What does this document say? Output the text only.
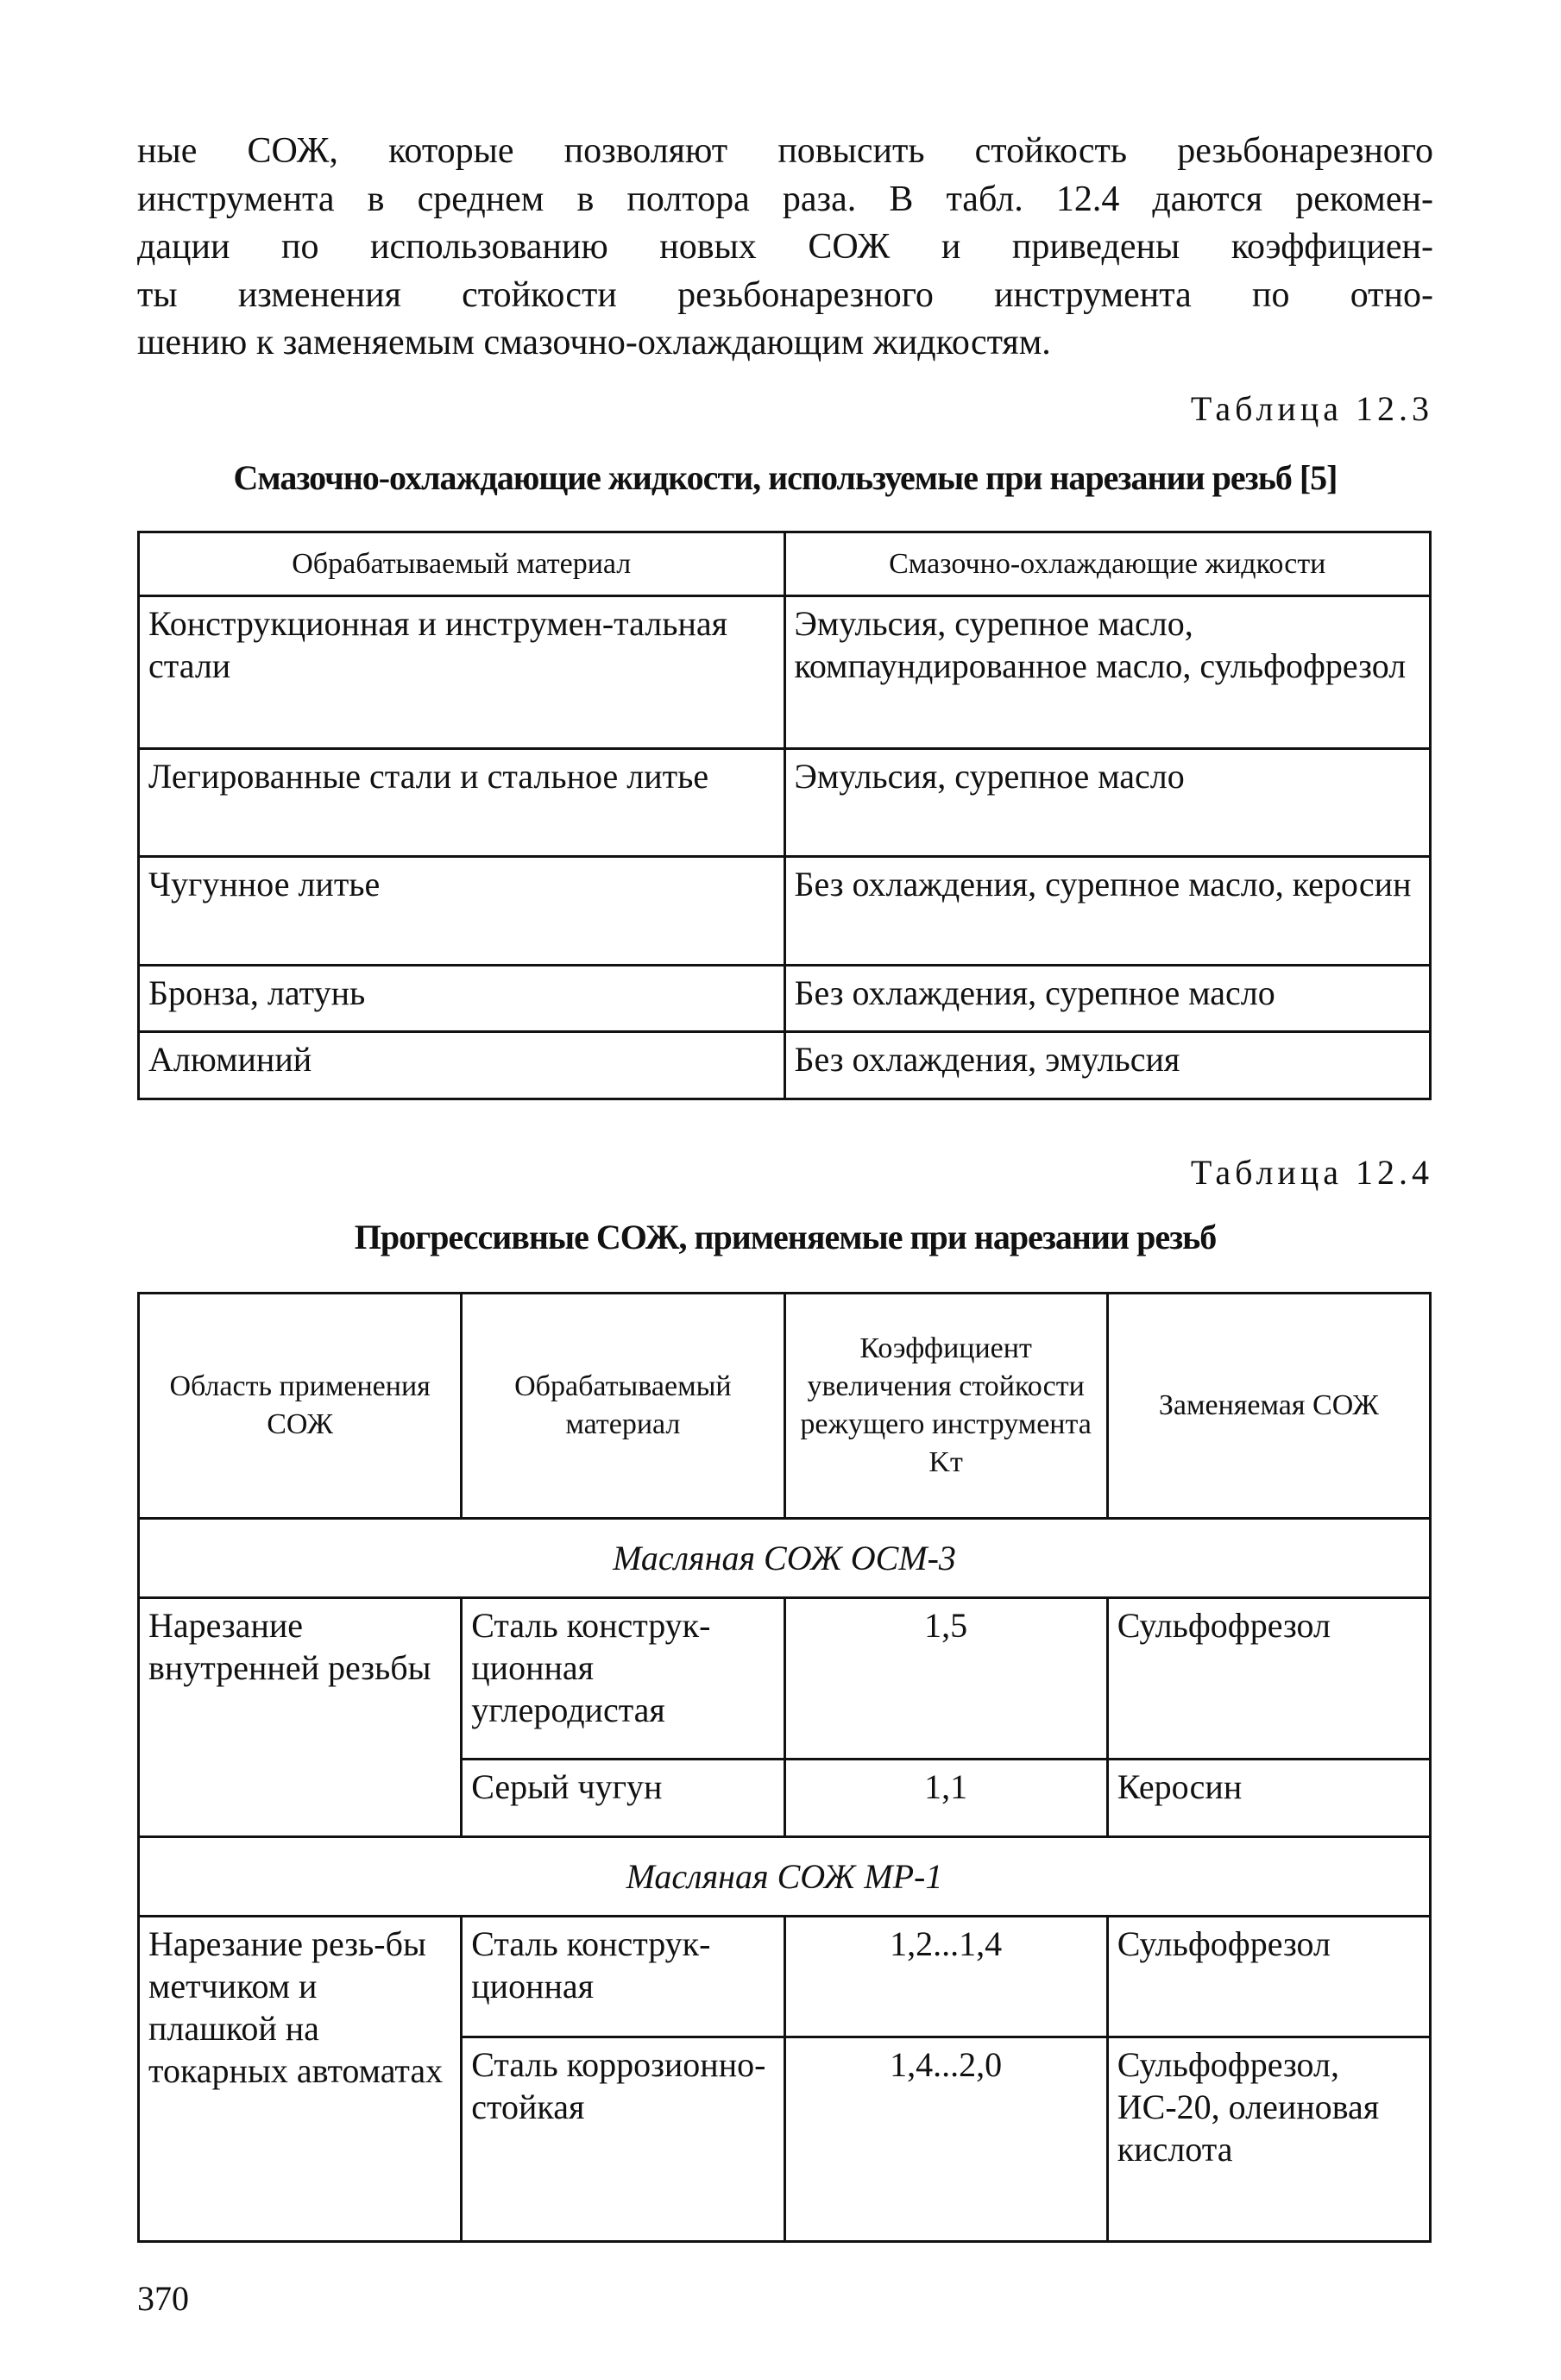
ные СОЖ, которые позволяют повысить стойкость резьбонарезного
инструмента в среднем в полтора раза. В табл. 12.4 даются рекомен-
дации по использованию новых СОЖ и приведены коэффициен-
ты изменения стойкости резьбонарезного инструмента по отно-
шению к заменяемым смазочно-охлаждающим жидкостям.
Таблица 12.3
Смазочно-охлаждающие жидкости, используемые при нарезании резьб [5]
Обрабатываемый материал	Смазочно-охлаждающие жидкости
Конструкционная и инструмен-тальная стали	Эмульсия, сурепное масло, компаундированное масло, сульфофрезол
Легированные стали и стальное литье	Эмульсия, сурепное масло
Чугунное литье	Без охлаждения, сурепное масло, керосин
Бронза, латунь	Без охлаждения, сурепное масло
Алюминий	Без охлаждения, эмульсия
Таблица 12.4
Прогрессивные СОЖ, применяемые при нарезании резьб
Область применения СОЖ	Обрабатываемый материал	Коэффициент увеличения стойкости режущего инструмента Kт	Заменяемая СОЖ
Масляная СОЖ ОСМ-3			
Нарезание внутренней резьбы	Сталь конструк-ционная углеродистая	1,5	Сульфофрезол
	Серый чугун	1,1	Керосин
Масляная СОЖ МР-1			
Нарезание резь-бы метчиком и плашкой на токарных автоматах	Сталь конструк-ционная	1,2...1,4	Сульфофрезол
	Сталь коррозионно-стойкая	1,4...2,0	Сульфофрезол, ИС-20, олеиновая кислота
370
